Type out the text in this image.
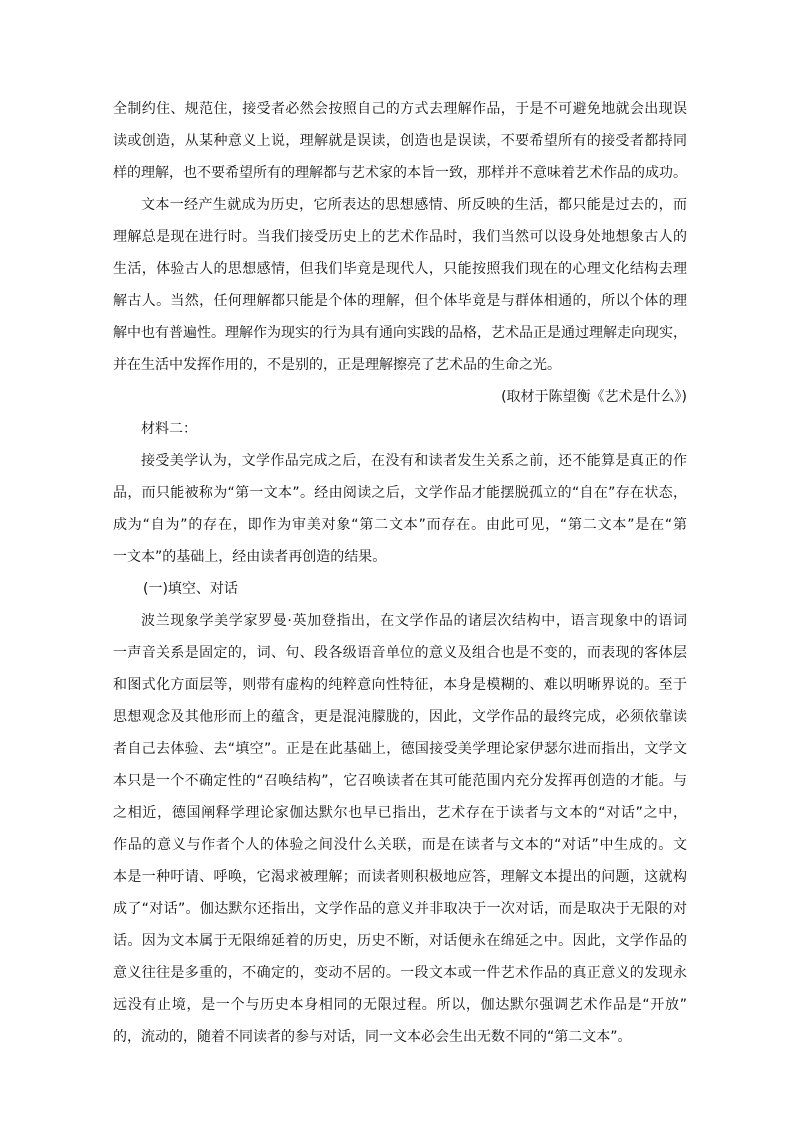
全制约住、规范住，接受者必然会按照自己的方式去理解作品，于是不可避免地就会出现误
读或创造，从某种意义上说，理解就是误读，创造也是误读，不要希望所有的接受者都持同
样的理解，也不要希望所有的理解都与艺术家的本旨一致，那样并不意味着艺术作品的成功。
文本一经产生就成为历史，它所表达的思想感情、所反映的生活，都只能是过去的，而
理解总是现在进行时。当我们接受历史上的艺术作品时，我们当然可以设身处地想象古人的
生活，体验古人的思想感情，但我们毕竟是现代人，只能按照我们现在的心理文化结构去理
解古人。当然，任何理解都只能是个体的理解，但个体毕竟是与群体相通的，所以个体的理
解中也有普遍性。理解作为现实的行为具有通向实践的品格，艺术品正是通过理解走向现实，
并在生活中发挥作用的，不是别的，正是理解擦亮了艺术品的生命之光。
(取材于陈望衡《艺术是什么》)
材料二：
接受美学认为，文学作品完成之后，在没有和读者发生关系之前，还不能算是真正的作
品，而只能被称为“第一文本”。经由阅读之后，文学作品才能摆脱孤立的“自在”存在状态，
成为“自为”的存在，即作为审美对象“第二文本”而存在。由此可见，“第二文本”是在“第
一文本”的基础上，经由读者再创造的结果。
(一)填空、对话
波兰现象学美学家罗曼·英加登指出，在文学作品的诸层次结构中，语言现象中的语词
一声音关系是固定的，词、句、段各级语音单位的意义及组合也是不变的，而表现的客体层
和图式化方面层等，则带有虚构的纯粹意向性特征，本身是模糊的、难以明晰界说的。至于
思想观念及其他形而上的蕴含，更是混沌朦胧的，因此，文学作品的最终完成，必须依靠读
者自己去体验、去“填空”。正是在此基础上，德国接受美学理论家伊瑟尔进而指出，文学文
本只是一个不确定性的“召唤结构”，它召唤读者在其可能范围内充分发挥再创造的才能。与
之相近，德国阐释学理论家伽达默尔也早已指出，艺术存在于读者与文本的“对话”之中，
作品的意义与作者个人的体验之间没什么关联，而是在读者与文本的“对话”中生成的。文
本是一种吁请、呼唤，它渴求被理解；而读者则积极地应答，理解文本提出的问题，这就构
成了“对话”。伽达默尔还指出，文学作品的意义并非取决于一次对话，而是取决于无限的对
话。因为文本属于无限绵延着的历史，历史不断，对话便永在绵延之中。因此，文学作品的
意义往往是多重的，不确定的，变动不居的。一段文本或一件艺术作品的真正意义的发现永
远没有止境，是一个与历史本身相同的无限过程。所以，伽达默尔强调艺术作品是“开放”
的，流动的，随着不同读者的参与对话，同一文本必会生出无数不同的“第二文本”。
